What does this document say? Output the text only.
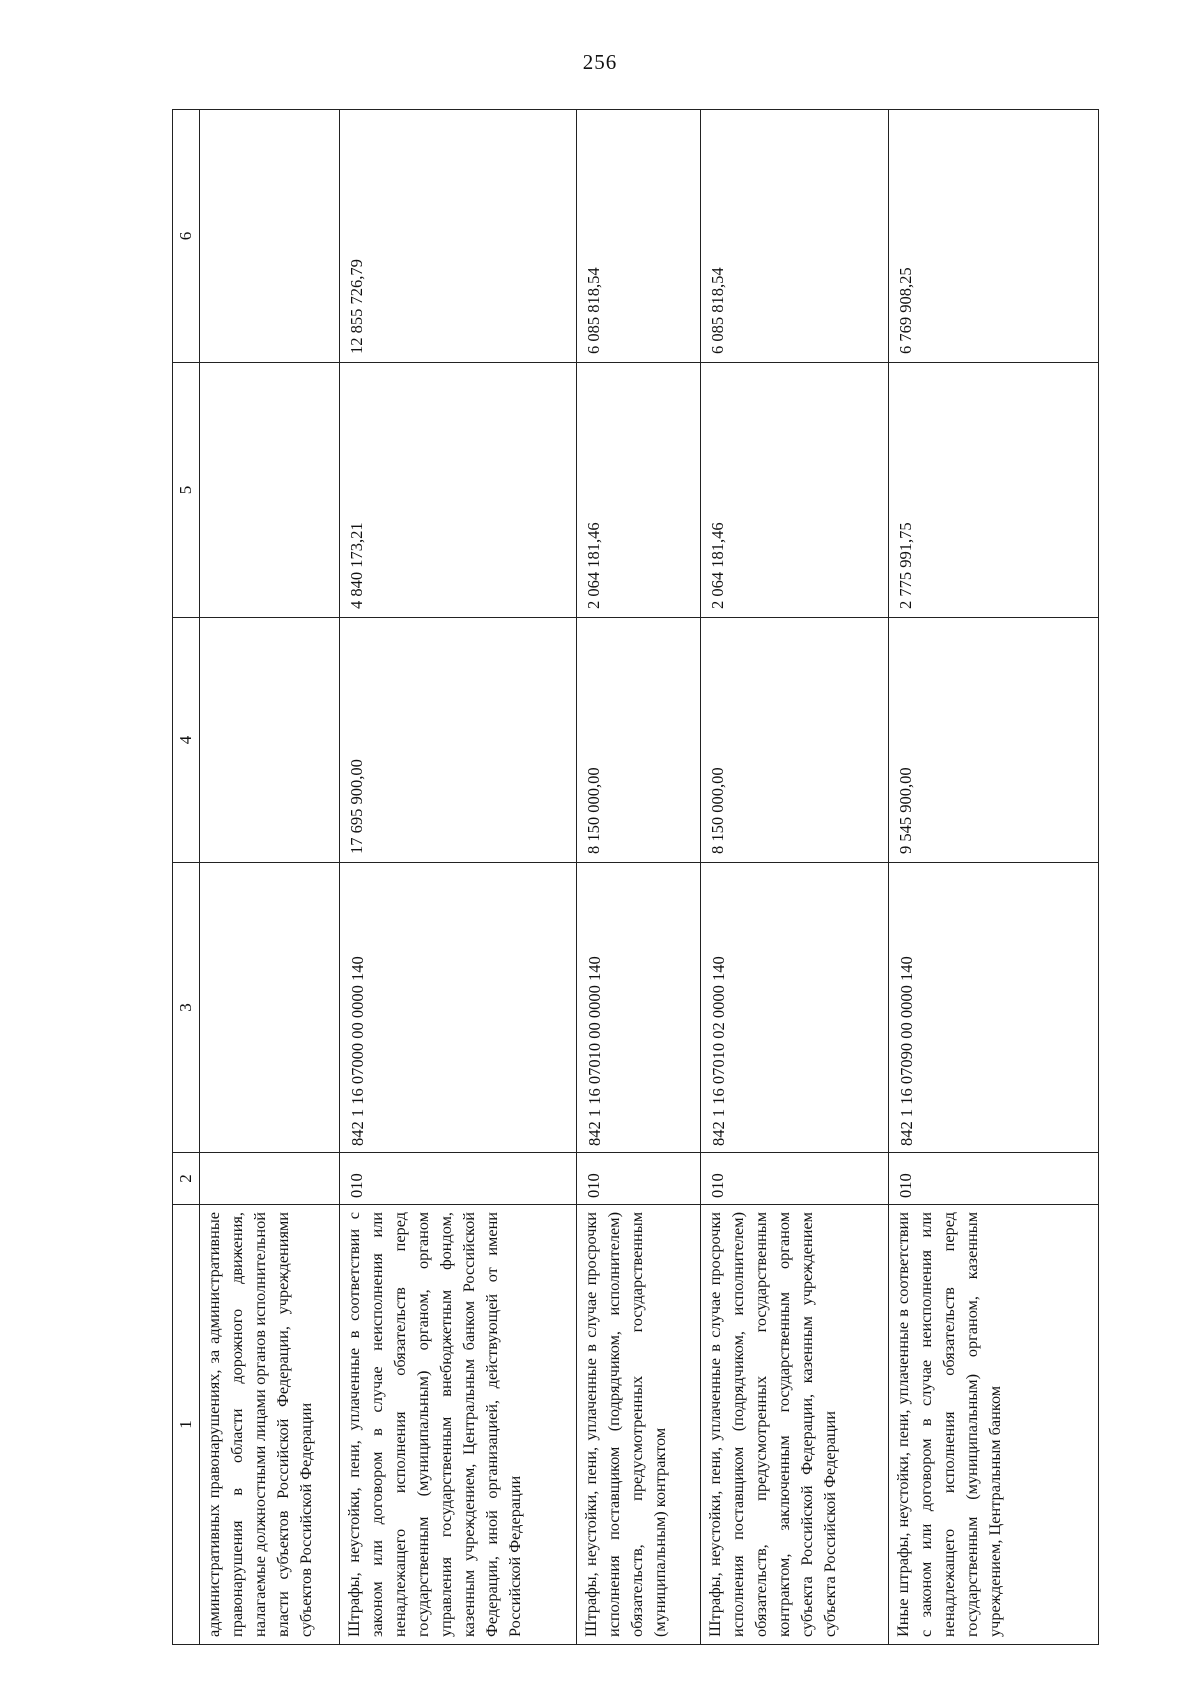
256
1	2	3	4	5	6

административных правонарушениях, за административные правонарушения в области дорожного движения, налагаемые должностными лицами органов исполнительной власти субъектов Российской Федерации, учреждениями субъектов Российской Федерации					

Штрафы, неустойки, пени, уплаченные в соответствии с законом или договором в случае неисполнения или ненадлежащего исполнения обязательств перед государственным (муниципальным) органом, органом управления государственным внебюджетным фондом, казенным учреждением, Центральным банком Российской Федерации, иной организацией, действующей от имени Российской Федерации	010	842 1 16 07000 00 0000 140	17 695 900,00	4 840 173,21	12 855 726,79

Штрафы, неустойки, пени, уплаченные в случае просрочки исполнения поставщиком (подрядчиком, исполнителем) обязательств, предусмотренных государственным (муниципальным) контрактом	010	842 1 16 07010 00 0000 140	8 150 000,00	2 064 181,46	6 085 818,54

Штрафы, неустойки, пени, уплаченные в случае просрочки исполнения поставщиком (подрядчиком, исполнителем) обязательств, предусмотренных государственным контрактом, заключенным государственным органом субъекта Российской Федерации, казенным учреждением субъекта Российской Федерации	010	842 1 16 07010 02 0000 140	8 150 000,00	2 064 181,46	6 085 818,54

Иные штрафы, неустойки, пени, уплаченные в соответствии с законом или договором в случае неисполнения или ненадлежащего исполнения обязательств перед государственным (муниципальным) органом, казенным учреждением, Центральным банком	010	842 1 16 07090 00 0000 140	9 545 900,00	2 775 991,75	6 769 908,25
